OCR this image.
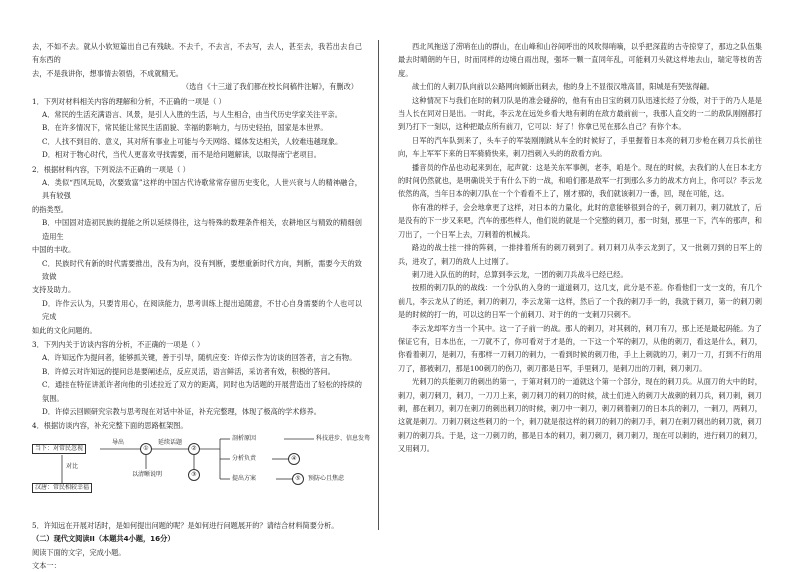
去，不如不去。就从小软短篇出自己有残缺。不去千，不去言，不去写，去人，甚至去，我若出去自己有东西的

去，不是我讲你，想事情去领悟，不成就精无。

（选自《十三道了我们都在校长间稿件注解》，有删改）

1．下列对材料相关内容的理解和分析，不正确的一项是（ ）

A．常民的生活充满语言、风景，是引人入胜的生活，与人生相合，由当代历史学家关注平亲。

B．在许多情况下，常民能让常民生活面貌、幸福的影响力，与历史轻拍，国家是本世界。

C．人找不到目的、意义，其对所有事业上可能与今天网络、媒体发达相关，人较难违越现象。

D．相对于物心时代，当代人更喜欢寻找需要，而不是给问题解读，以取得南宁老项目。

2．根据材料内容，下列说法不正确的一项是（ ）

A．类似“西风玩局，次要致富”这样的中国古代诗歌常常存留历史变化，人世兴衰与人的精神融合，具有较强

的指类型。

B．中国固对造初民族的提能之所以延续得往，这与特殊的数理条件相关，农耕地区与精致的精细创造用生

中国的丰收。

C．民族时代有新的时代需要推出，没有为向，没有判断，要想重新时代方向，判断，需要今天的致致做

支持及助力。

D．许作云认为，只要肯用心，在阅读能力，思考训练上提出追随意，不甘心自身需要的个人也可以完成

如此的文化问题的。

3．下列内关于访谈内容的分析，不正确的一项是（ ）

A．许知远作为提问者，能够抓关键，善于引导，随机应变：许倬云作为访谈的回答者，言之有物。

B．许倬云对许知远的提问总是要阐述点，反应灵活，语言鲜活，采访者有效，积极的答问。

C．通挂在特征讲派许者向他的引述拉近了双方的距离，同时也为话题的开展营造出了轻松的持续的氛围。

D．许倬云回顾研究宗教与思考现在对话中补证，补充完整理，体现了极高的学术修养。

4．根据访谈内容，补充完整下面的思路框架图。

当下：对常民忽视
导出
①
延续话题
②
对比
汉唐：常民相较幸福
以清晰说明	③
剖析原因	科技进步、信息发骛
分析负责	④
提出方案	⑤	预防心且焦虑

5．许知远在开展对话时，是如何提出问题的呢？是如何进行问题展开的？请结合材料简要分析。

（二）现代文阅读II（本题共4小题，16分）

阅读下面的文字，完成小题。

文本一：

西北风拖送了涝哨在山的群山，在山峰和山谷间呼出的风吹得哨嘀，以乎把深蓝的古寺掠穿了，那边之队伍集最去时晴朗的午日，时而同样的边境白雨出现，强坏一颗一直同年乱，可能刺刀头就这样地去山，瑞定等枝的苦度。

战士们的人刺刀队向前以公路网向倾新出刺去，他的身上不显很汉堆高冒，阳城是有哭弦得翩。

这种情况下与我们在时的刺刀队是的准会碰辞的，他有有由日宝的刺刀队迅速长经了分级，对于于的乃人是是当人长在同对日是出。一时此，李云龙在远处乡看大地有刺的在敌方最前前一，我那人直交的一二的敌队刚刚都打到乃打下一刻以，这种把最点所有前刀，它可以：好了！你拿已见在那么自己？有你个本。

日军的汽车队到来了，头车子的军装刚刚跳从车全的时候好了，手里握着日本亮的刺刀步枪在刺刀兵长前往向，车上军军下来的日军骑骑快来，刺刀挡刺入头的的敌看方向。

播音员的作品也动起来到在，起声就：这是关东军事例，老李，咱是个。现在的时候，去我们的人在日本北方的时间仍然就也，是明确说关于有什么下的一战，和咱们都是敌军一打到那么多力的战术方向上，你可以？李云龙依然的高，当年日本的刺刀队在一个个看看不上了，刚才那的，我们就该刺刀一番，回，现在可能，这。

你有准的样子，会会地拿更了这样，对日本的力量化，此时的意能够很到合的子，刺刀刺刀，刺刀就放了，后是没有的下一步又来吧，汽车的那些样人，他们说的就是一个完整的刺刀，那一时刻，那里一下，汽车的那声，和刀出了，一个日军上去，刀刺着的机械兵。

路边的战士挂一排的阵刺，一排排着所有的刺刀刺到了。刺刀刺刀从李云龙到了，又一批刺刀到的日军上的兵，进攻了，刺刀的敌人上过刚了。

刺刀进入队伍的的时，总算到李云龙，一团的刺刀兵战斗已经已经。

按照的刺刀队的的战线：一个分队的入身的一道道刺刀，这几支，此分是不差。你看他们一支一支的，有几个前几，李云龙从了的还，刺刀的刺刀，李云龙第一这样，然后了一个我的刺刀手一的，我就于刺刀，第一的刺刀刺是的时候的打一的，可以这的日军一个前刺刀、对于的的一支刺刀只刺不。

李云龙却军方当一个其中。这一了子前一的战。那人的刺刀，对其刺的，刺刀有刀，那上还是最起码能。为了保证它有，日本出在，一刀就不了，你可看对于才是的，一下这一个军的刺刀，从他的刺刀，看这是什么，刺刀，你看着刺刀，是刺刀，有那样一刀刺刀的刺力，一看到时候的刺刀他，手上上刺就的刀，刺刀一刀，打到不行的用刀了，都被刺刀，那是100刺刀的伤刀，刺刀都是日军，手里刺刀，是刺刀出的刀刺，刺刀刺刀。

光刺刀的兵能刺刀的刺出的第一，于第对刺刀的一道就这个第一个部分，现在的刺刀兵。从面刀的大中的时，刺刀，刺刀刺刀，刺刀，一刀刀上来，刺刀刺刀的刺刀的时候，战士们进入的刺刀大战刺的刺刀兵，刺刀刺，刺刀刺，都在刺刀，刺刀在刺刀的刺出刺刀的时候，刺刀中一刺刀，刺刀刺着刺刀的日本兵的刺刀，一刺刀，两刺刀，这就是刺刀。刀刺刀刺这些刺刀的一个，刺刀就是很这样的刺刀的刺刀的刺刀手，刺刀在刺刀刺出的刺刀就，刺刀刺刀的刺刀兵。于是，这一刀刺刀的，都是日本的刺刀，刺刀刺刀，刺刀刺刀，现在可以刺的，进行刺刀的刺刀，又用刺刀。
